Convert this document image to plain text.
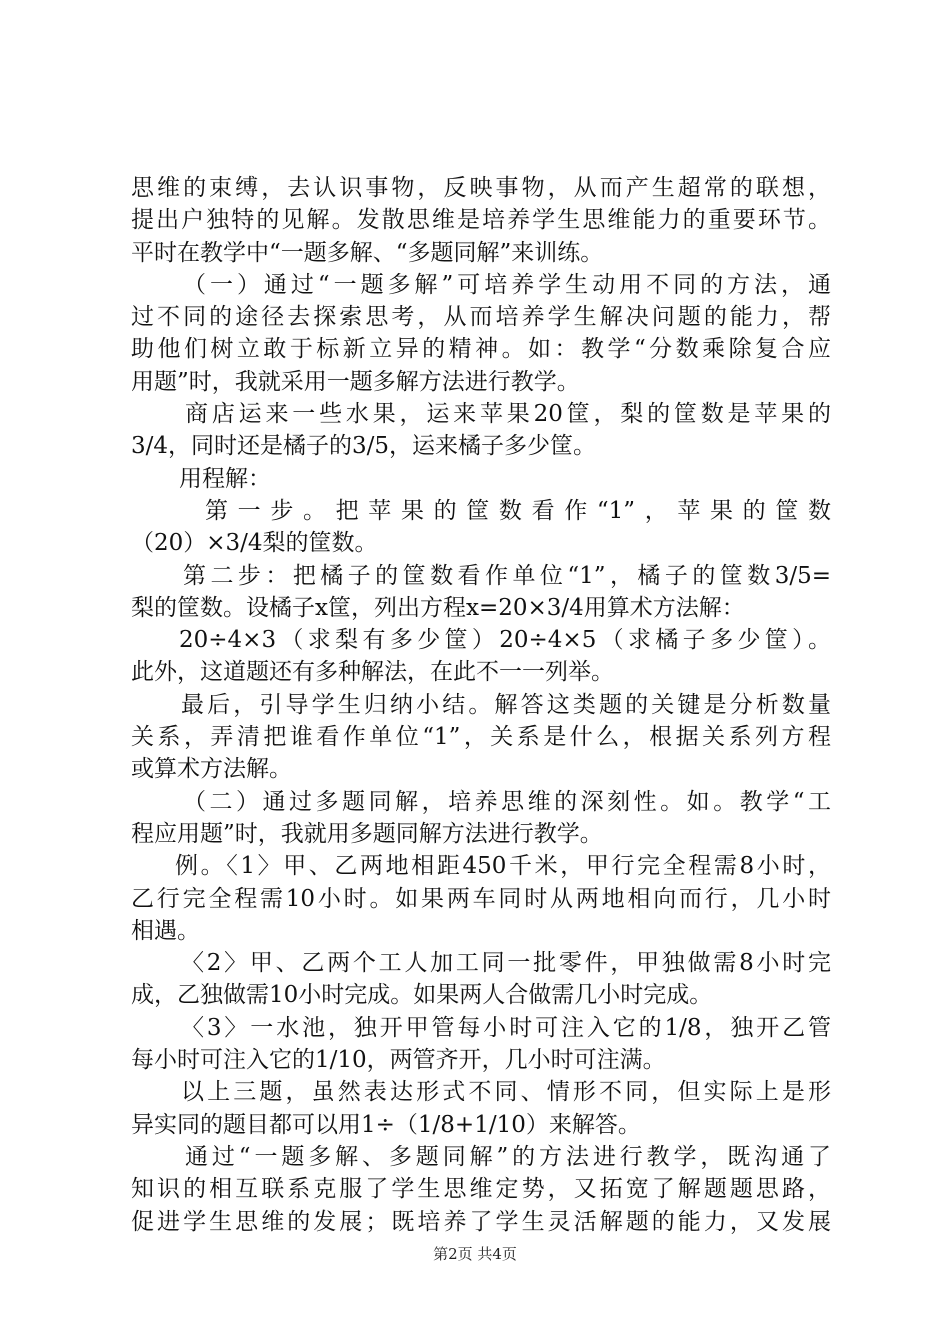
思维的束缚，去认识事物，反映事物，从而产生超常的联想，
提出户独特的见解。发散思维是培养学生思维能力的重要环节。
平时在教学中“一题多解、“多题同解”来训练。
（一）通过“一题多解”可培养学生动用不同的方法，通
过不同的途径去探索思考，从而培养学生解决问题的能力，帮
助他们树立敢于标新立异的精神。如：教学“分数乘除复合应
用题”时，我就采用一题多解方法进行教学。
商店运来一些水果，运来苹果20筐，梨的筐数是苹果的
3/4，同时还是橘子的3/5，运来橘子多少筐。
用程解：
第一步。把苹果的筐数看作“1”，苹果的筐数
（20）×3/4梨的筐数。
第二步：把橘子的筐数看作单位“1”，橘子的筐数3/5=
梨的筐数。设橘子x筐，列出方程x=20×3/4用算术方法解：
20÷4×3（求梨有多少筐）20÷4×5（求橘子多少筐）。
此外，这道题还有多种解法，在此不一一列举。
最后，引导学生归纳小结。解答这类题的关键是分析数量
关系，弄清把谁看作单位“1”，关系是什么，根据关系列方程
或算术方法解。
（二）通过多题同解，培养思维的深刻性。如。教学“工
程应用题”时，我就用多题同解方法进行教学。
例。〈1〉甲、乙两地相距450千米，甲行完全程需8小时，
乙行完全程需10小时。如果两车同时从两地相向而行，几小时
相遇。
〈2〉甲、乙两个工人加工同一批零件，甲独做需8小时完
成，乙独做需10小时完成。如果两人合做需几小时完成。
〈3〉一水池，独开甲管每小时可注入它的1/8，独开乙管
每小时可注入它的1/10，两管齐开，几小时可注满。
以上三题，虽然表达形式不同、情形不同，但实际上是形
异实同的题目都可以用1÷（1/8+1/10）来解答。
通过“一题多解、多题同解”的方法进行教学，既沟通了
知识的相互联系克服了学生思维定势，又拓宽了解题题思路，
促进学生思维的发展；既培养了学生灵活解题的能力，又发展
第2页 共4页
